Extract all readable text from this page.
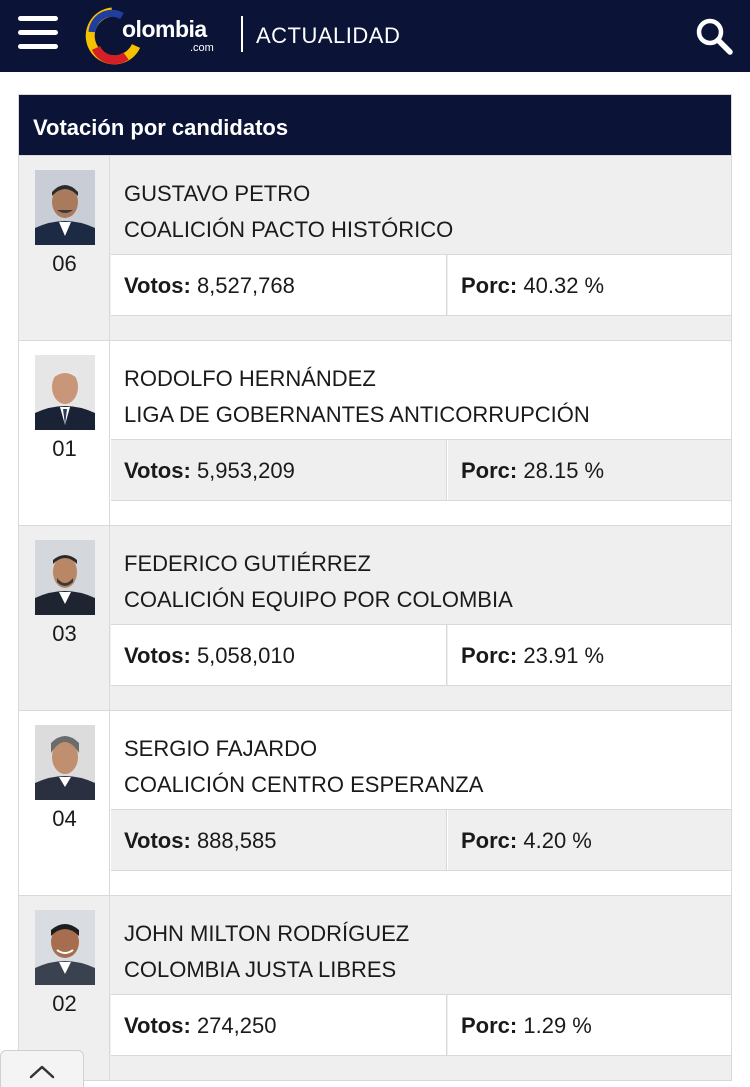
olombia
.com ACTUALIDAD
Votación por candidatos
06
GUSTAVO PETRO
COALICIÓN PACTO HISTÓRICO
Votos: 8,527,768	Porc: 40.32 %
01
RODOLFO HERNÁNDEZ
LIGA DE GOBERNANTES ANTICORRUPCIÓN
Votos: 5,953,209	Porc: 28.15 %
03
FEDERICO GUTIÉRREZ
COALICIÓN EQUIPO POR COLOMBIA
Votos: 5,058,010	Porc: 23.91 %
04
SERGIO FAJARDO
COALICIÓN CENTRO ESPERANZA
Votos: 888,585	Porc: 4.20 %
02
JOHN MILTON RODRÍGUEZ
COLOMBIA JUSTA LIBRES
Votos: 274,250	Porc: 1.29 %
